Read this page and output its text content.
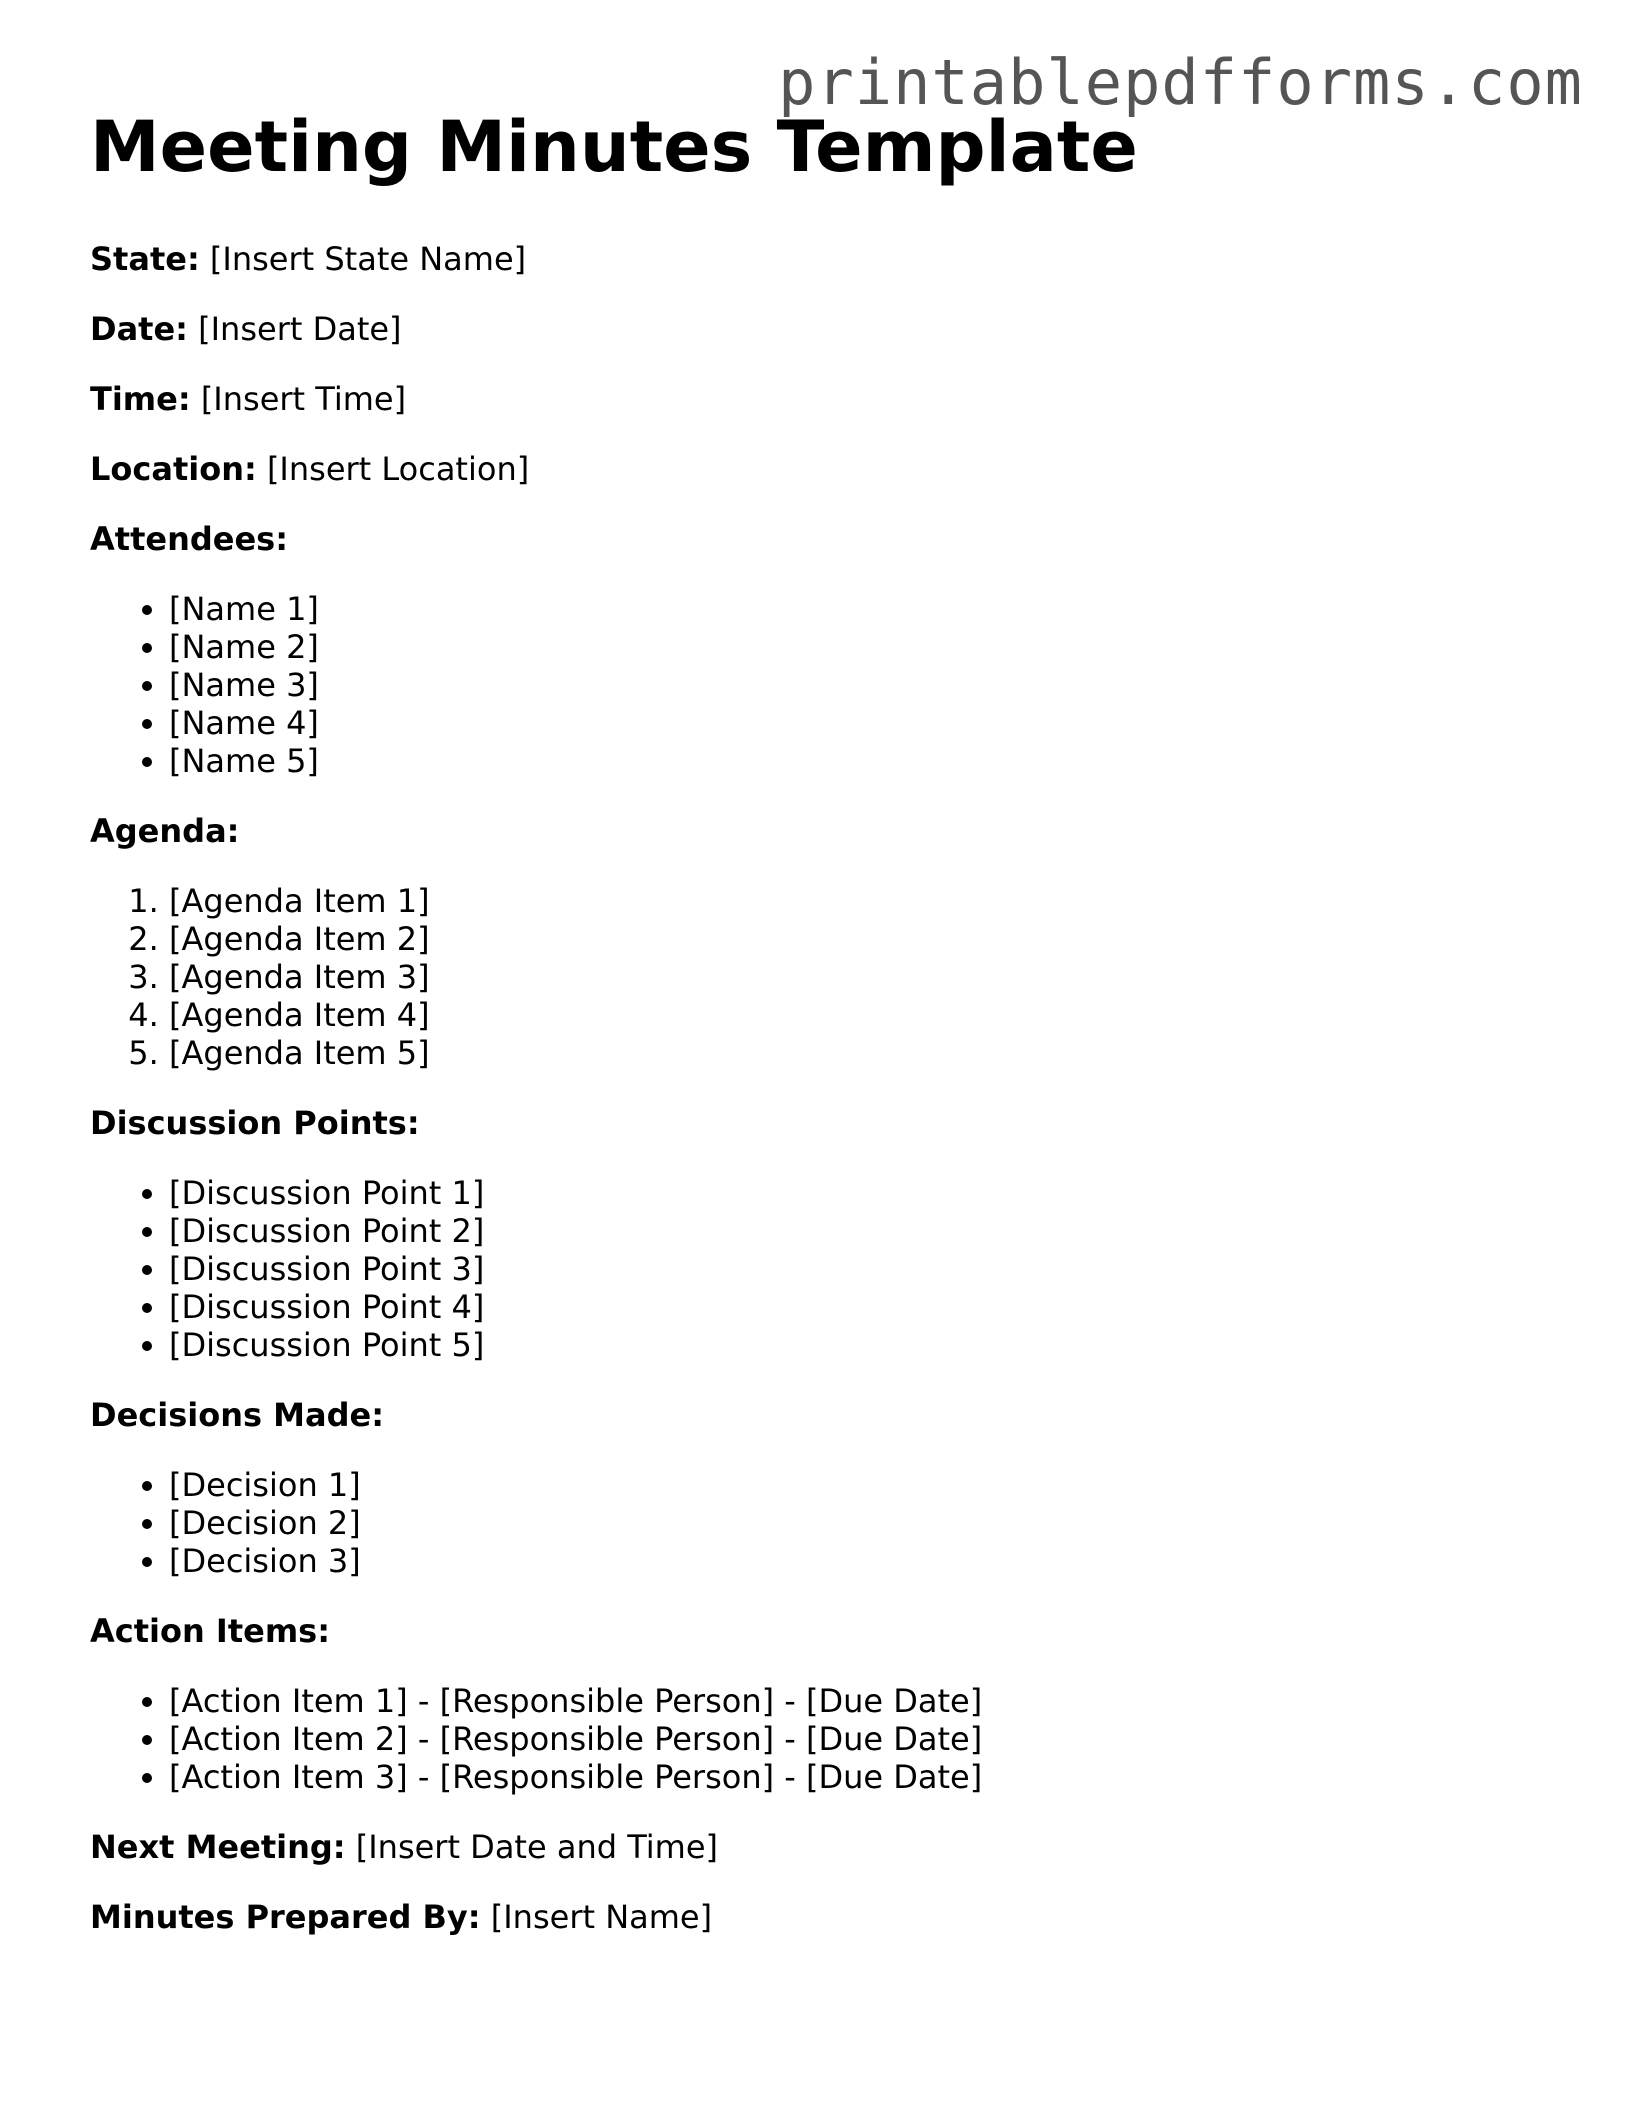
printablepdfforms.com
Meeting Minutes Template

State: [Insert State Name]

Date: [Insert Date]

Time: [Insert Time]

Location: [Insert Location]

Attendees:

• [Name 1]
• [Name 2]
• [Name 3]
• [Name 4]
• [Name 5]

Agenda:

1. [Agenda Item 1]
2. [Agenda Item 2]
3. [Agenda Item 3]
4. [Agenda Item 4]
5. [Agenda Item 5]

Discussion Points:

• [Discussion Point 1]
• [Discussion Point 2]
• [Discussion Point 3]
• [Discussion Point 4]
• [Discussion Point 5]

Decisions Made:

• [Decision 1]
• [Decision 2]
• [Decision 3]

Action Items:

• [Action Item 1] - [Responsible Person] - [Due Date]
• [Action Item 2] - [Responsible Person] - [Due Date]
• [Action Item 3] - [Responsible Person] - [Due Date]

Next Meeting: [Insert Date and Time]

Minutes Prepared By: [Insert Name]
